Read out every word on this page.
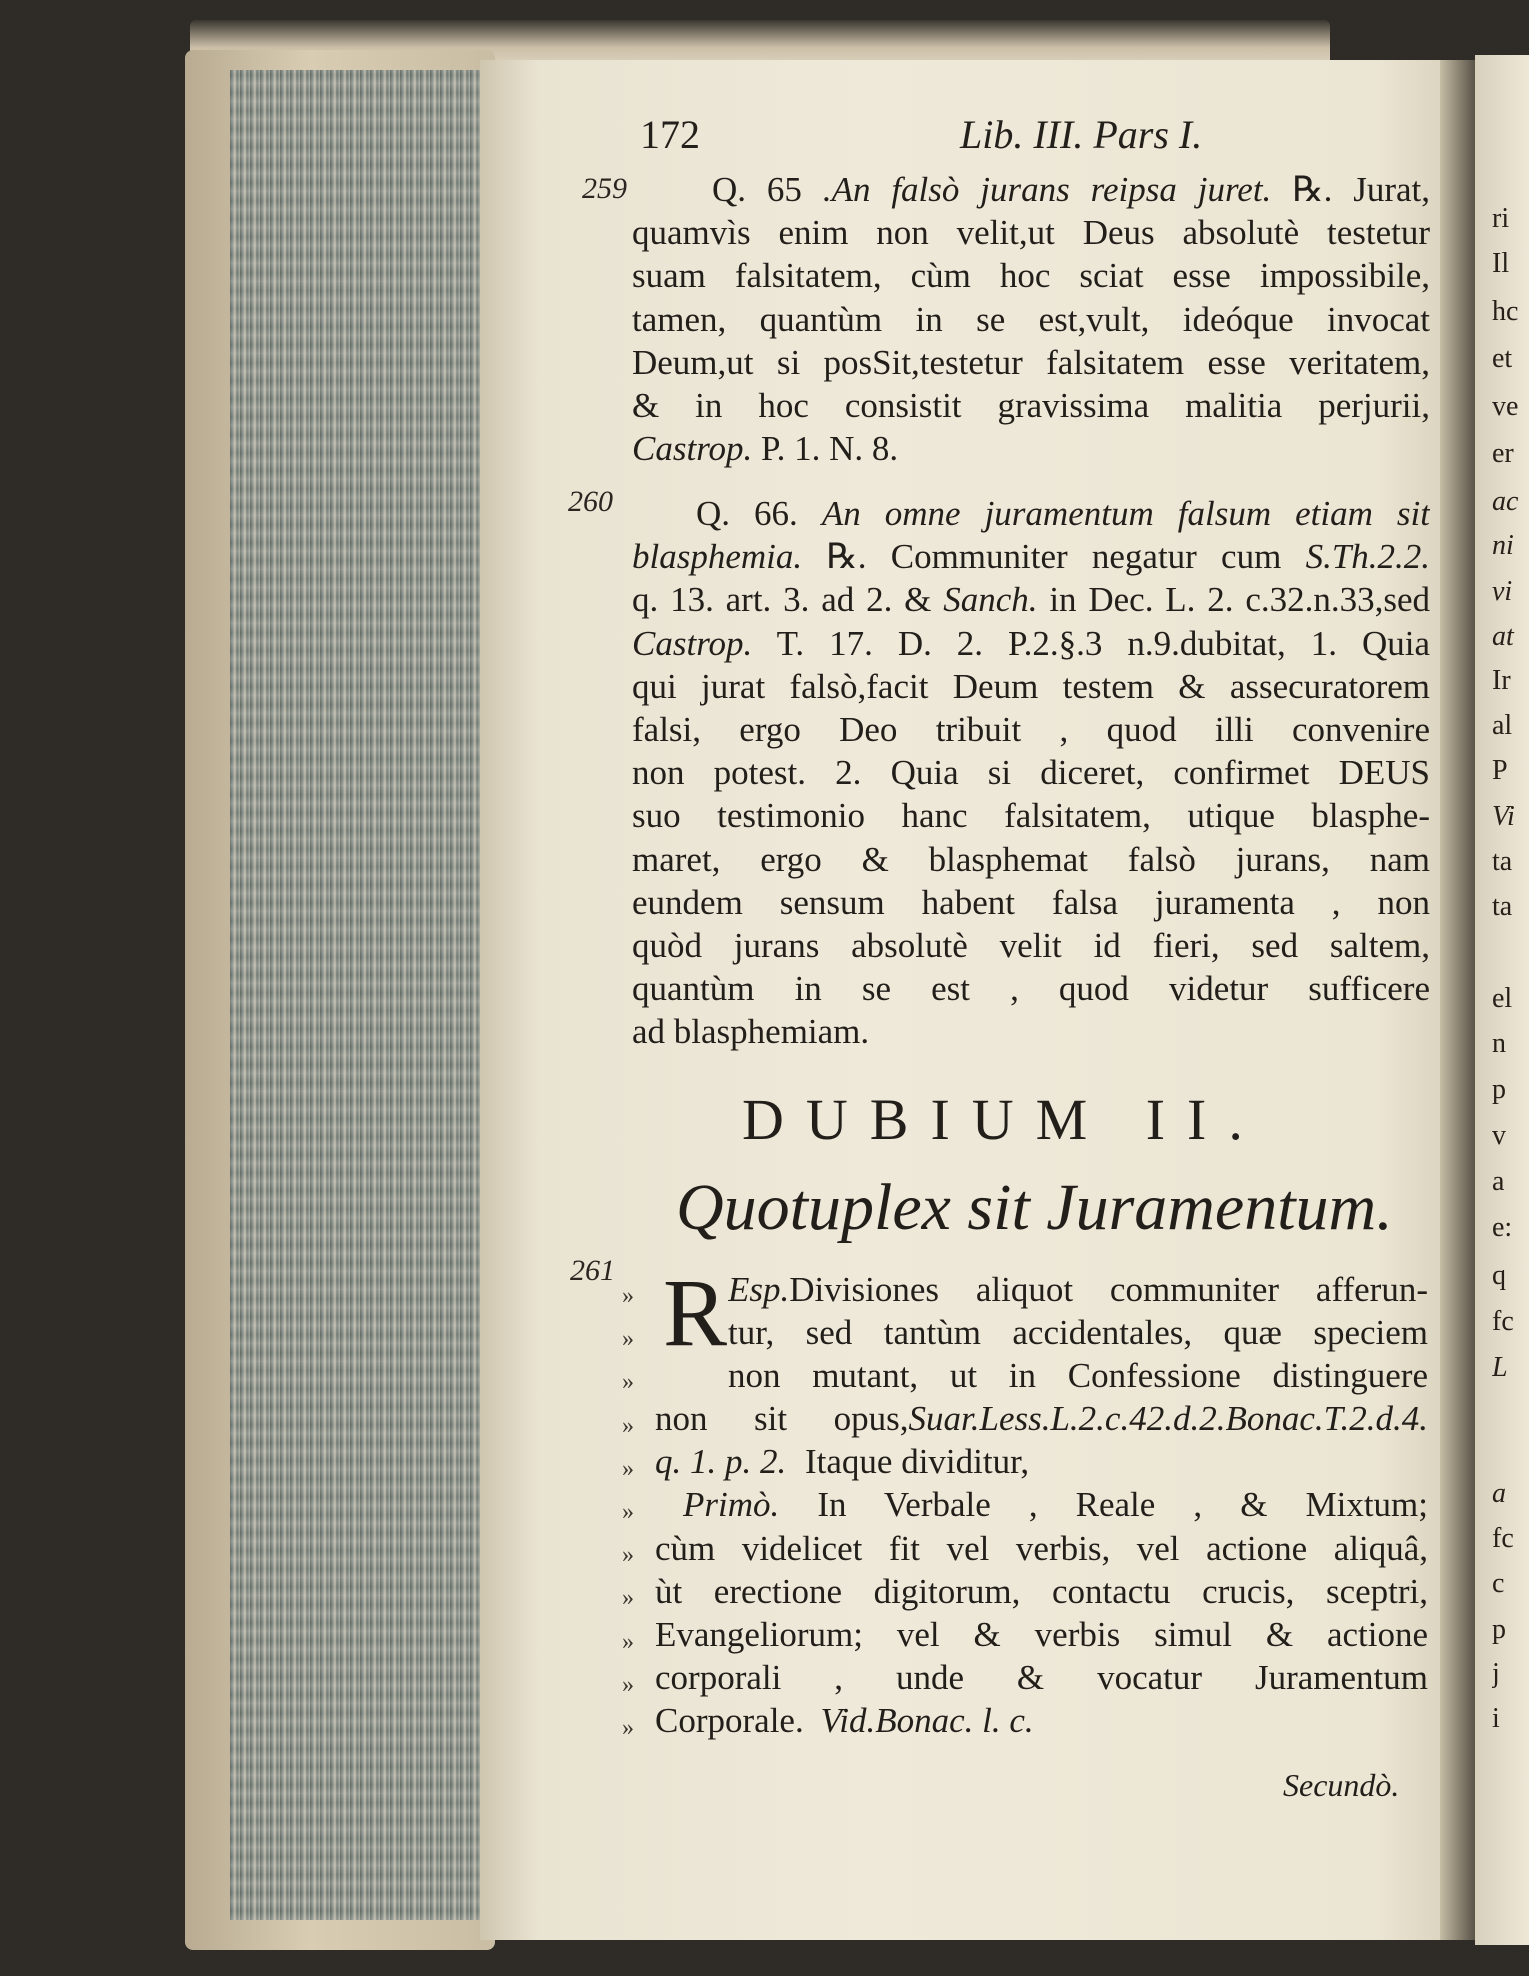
172	Lib. III. Pars I.
259
260
261
Q. 65 .An falsò jurans reipsa juret. ℞. Jurat,
quamvìs enim non velit,ut Deus absolutè testetur
suam falsitatem, cùm hoc sciat esse impossibile,
tamen, quantùm in se est,vult, ideóque invocat
Deum,ut si posSit,testetur falsitatem esse veritatem,
& in hoc consistit gravissima malitia perjurii,
Castrop. P. 1. N. 8.
Q. 66. An omne juramentum falsum etiam sit
blasphemia. ℞. Communiter negatur cum S.Th.2.2.
q. 13. art. 3. ad 2. & Sanch. in Dec. L. 2. c.32.n.33,sed
Castrop. T. 17. D. 2. P.2.§.3 n.9.dubitat, 1. Quia
qui jurat falsò,facit Deum testem & assecuratorem
falsi, ergo Deo tribuit , quod illi convenire
non potest. 2. Quia si diceret, confirmet DEUS
suo testimonio hanc falsitatem, utique blasphe-
maret, ergo & blasphemat falsò jurans, nam
eundem sensum habent falsa juramenta , non
quòd jurans absolutè velit id fieri, sed saltem,
quantùm in se est , quod videtur sufficere
ad blasphemiam.
DUBIUM II.
Quotuplex sit Juramentum.
»
»
»
»
»
»
»
»
»
»
»
R Esp.Divisiones aliquot communiter afferun-
tur, sed tantùm accidentales, quæ speciem
non mutant, ut in Confessione distinguere
non sit opus,Suar.Less.L.2.c.42.d.2.Bonac.T.2.d.4.
q. 1. p. 2. Itaque dividitur,
Primò. In Verbale , Reale , & Mixtum;
cùm videlicet fit vel verbis, vel actione aliquâ,
ùt erectione digitorum, contactu crucis, sceptri,
Evangeliorum; vel & verbis simul & actione
corporali , unde & vocatur Juramentum
Corporale. Vid.Bonac. l. c.
Secundò.
ri
Il
hc
et
ve
er
ac
ni
vi
at
Ir
al
P
Vi
ta
ta
el
n
p
v
a
e:
q
fc
L
a
fc
c
p
j
i
